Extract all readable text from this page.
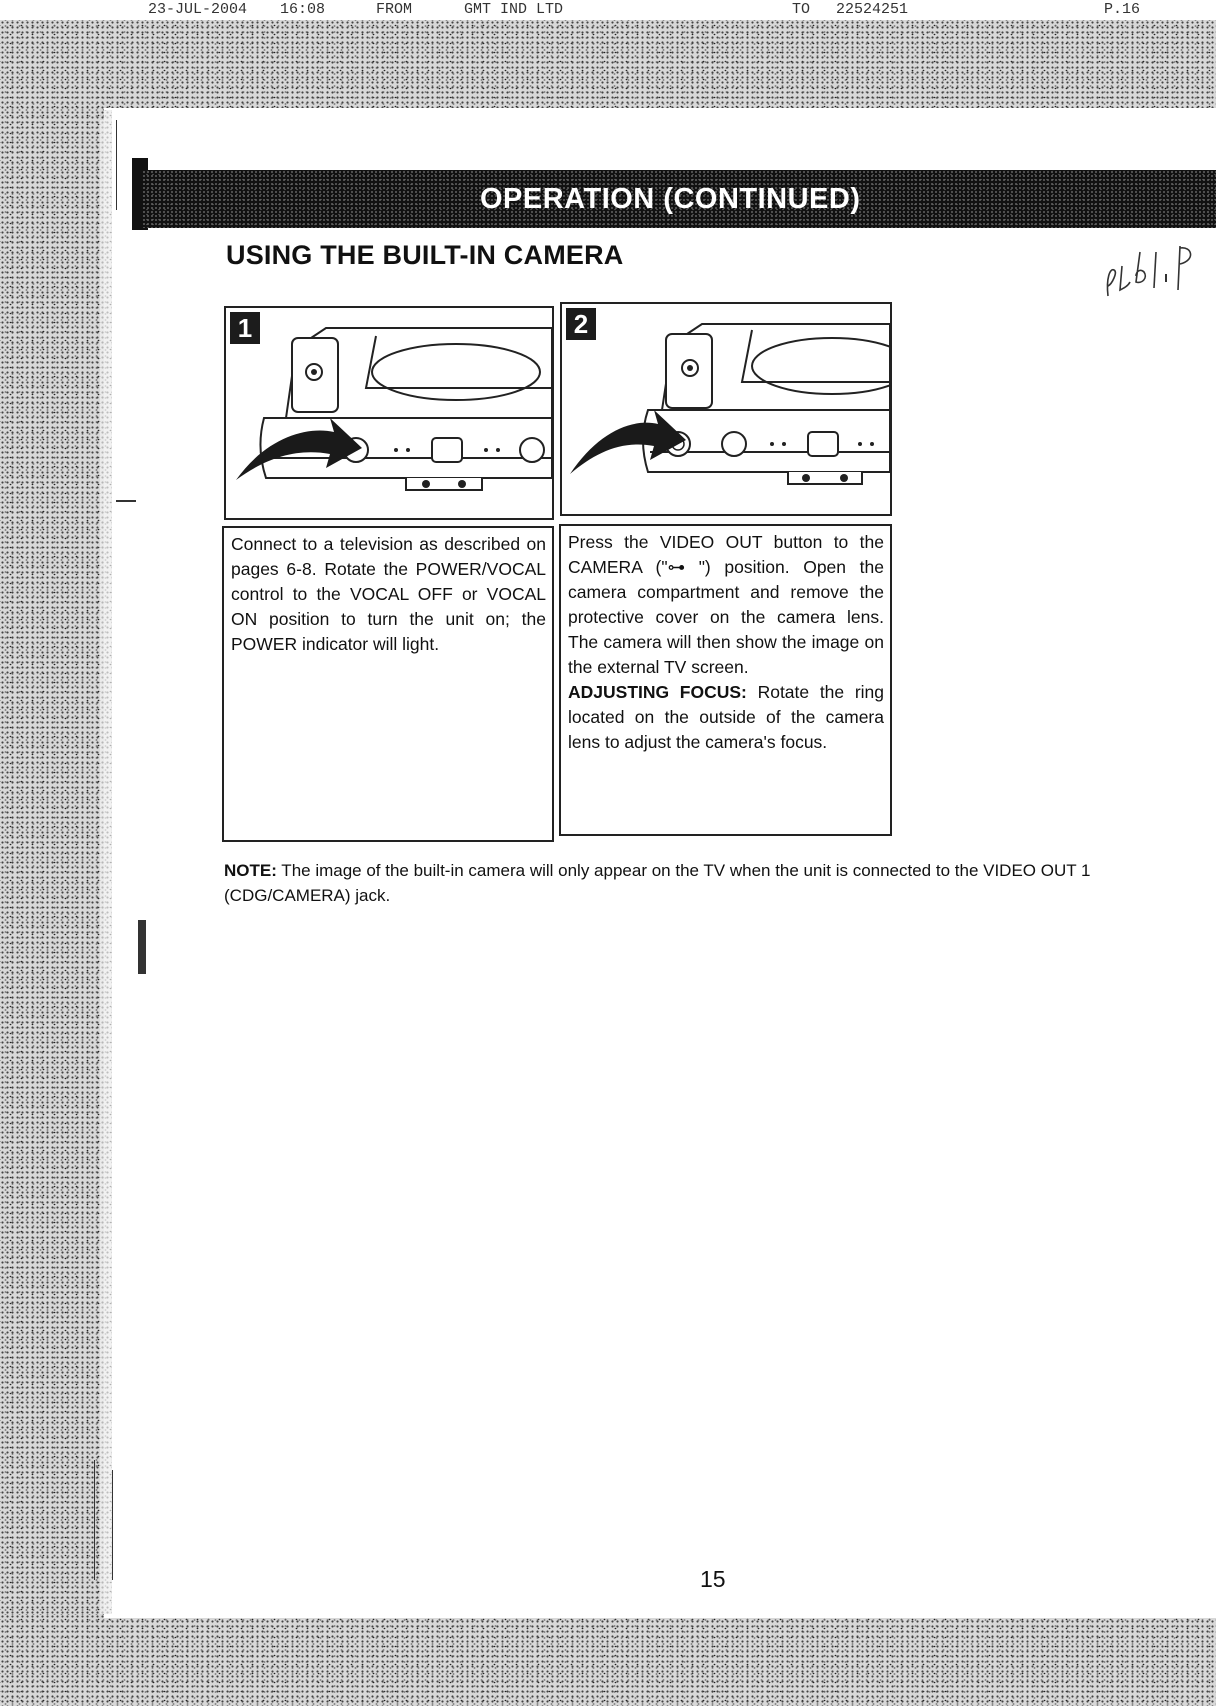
23-JUL-2004 16:08	FROM	GMT IND LTD	TO 22524251	P.16
OPERATION (CONTINUED)
USING THE BUILT-IN CAMERA
1	2
Connect to a television as described on pages 6-8. Rotate the POWER/VOCAL control to the VOCAL OFF or VOCAL ON position to turn the unit on; the POWER indicator will light.
Press the VIDEO OUT button to the CAMERA ("⊶ ") position. Open the camera compartment and remove the protective cover on the camera lens. The camera will then show the image on the external TV screen.
ADJUSTING FOCUS: Rotate the ring located on the outside of the camera lens to adjust the camera's focus.
NOTE: The image of the built-in camera will only appear on the TV when the unit is connected to the VIDEO OUT 1 (CDG/CAMERA) jack.
15
